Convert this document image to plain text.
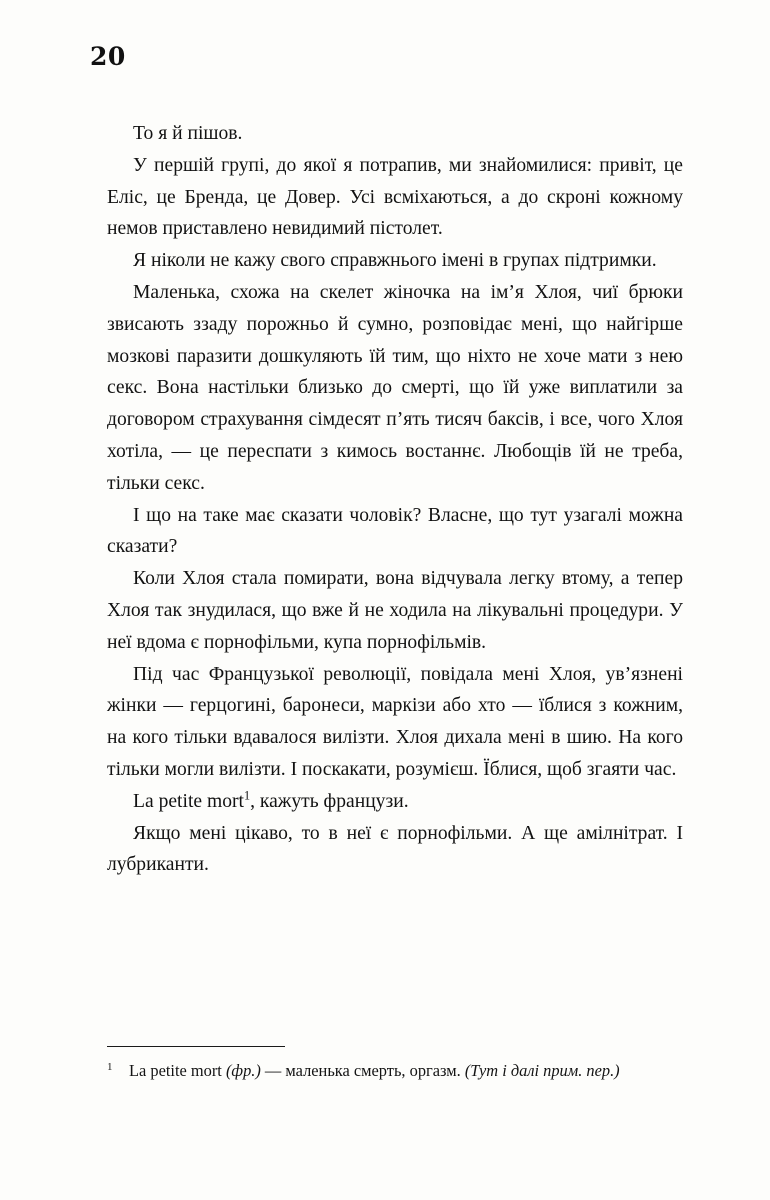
20

То я й пішов.

У першій групі, до якої я потрапив, ми знайомилися: привіт, це Еліс, це Бренда, це Довер. Усі всміхаються, а до скроні кожному немов приставлено невидимий пістолет.

Я ніколи не кажу свого справжнього імені в групах підтримки.

Маленька, схожа на скелет жіночка на ім’я Хлоя, чиї брюки звисають ззаду порожньо й сумно, розповідає мені, що найгірше мозкові паразити дошкуляють їй тим, що ніхто не хоче мати з нею секс. Вона настільки близько до смерті, що їй уже виплатили за договором страхування сімдесят п’ять тисяч баксів, і все, чого Хлоя хотіла, — це переспати з кимось востаннє. Любощів їй не треба, тільки секс.

І що на таке має сказати чоловік? Власне, що тут узагалі можна сказати?

Коли Хлоя стала помирати, вона відчувала легку втому, а тепер Хлоя так знудилася, що вже й не ходила на лікувальні процедури. У неї вдома є порнофільми, купа порнофільмів.

Під час Французької революції, повідала мені Хлоя, ув’язнені жінки — герцогині, баронеси, маркізи або хто — їблися з кожним, на кого тільки вдавалося вилізти. Хлоя дихала мені в шию. На кого тільки могли вилізти. І поскакати, розумієш. Їблися, щоб згаяти час.

La petite mort$^1$, кажуть французи.

Якщо мені цікаво, то в неї є порнофільми. А ще амілнітрат. І лубриканти.

1 La petite mort (фр.) — маленька смерть, оргазм. (Тут і далі прим. пер.)
